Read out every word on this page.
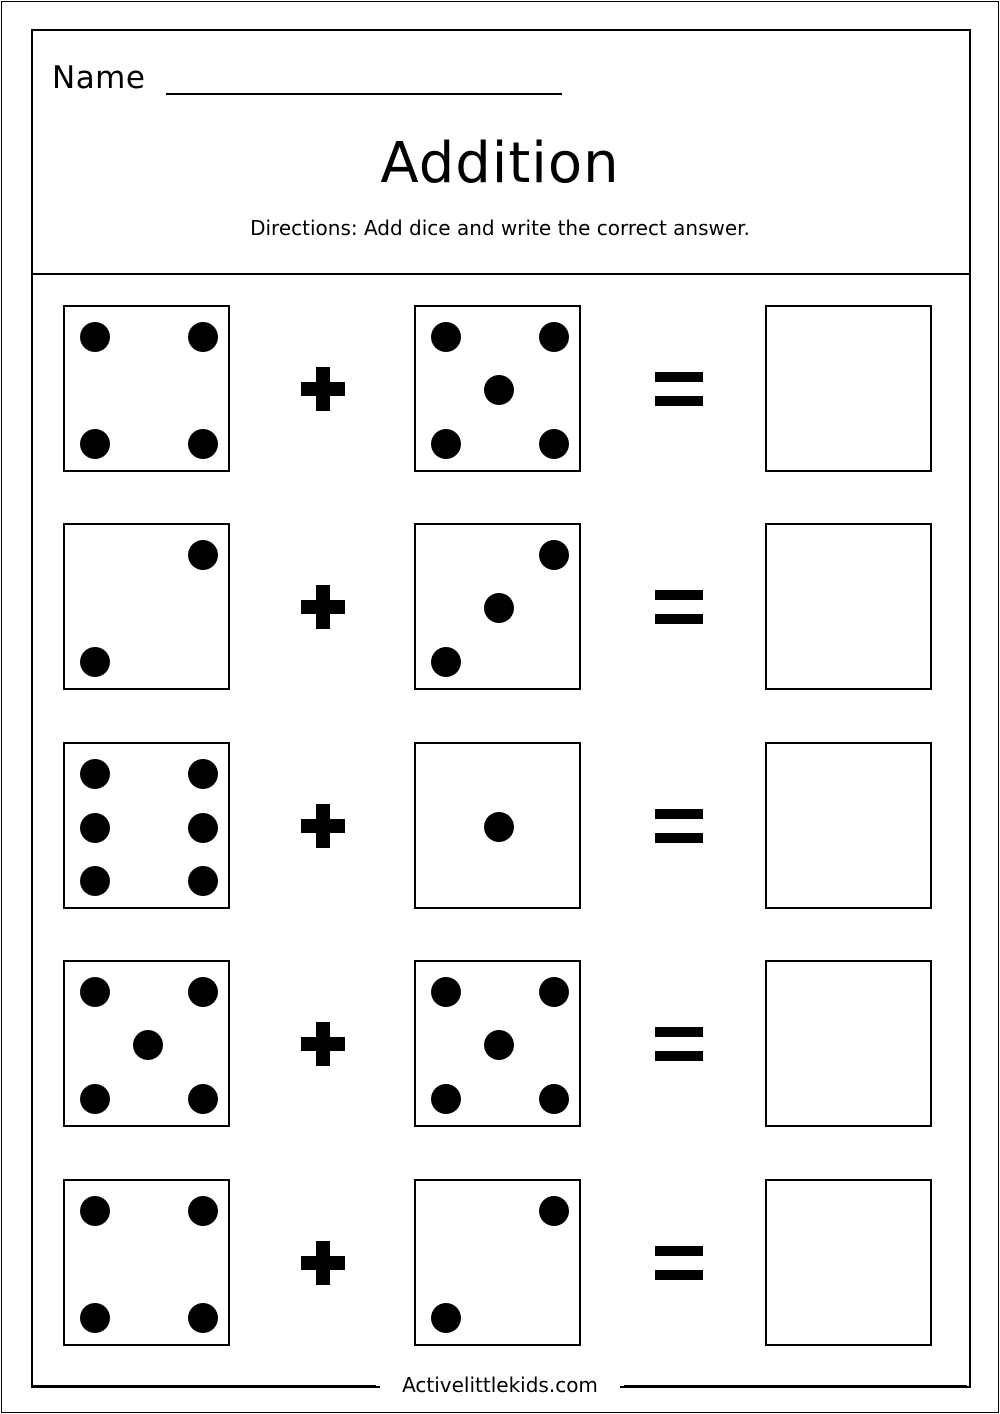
Name
Addition
Directions: Add dice and write the correct answer.
Activelittlekids.com
